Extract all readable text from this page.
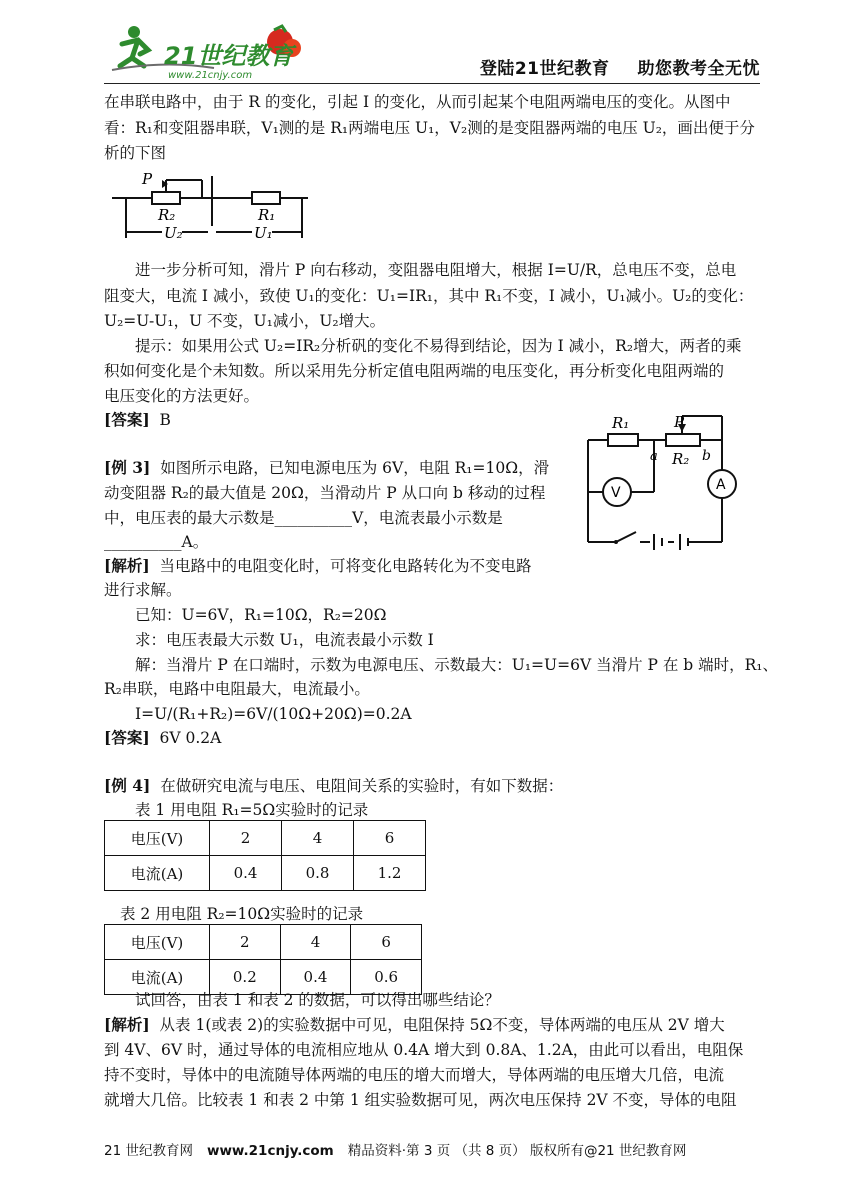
21世纪教育
www.21cnjy.com	登陆21世纪教育 助您教考全无忧

在串联电路中，由于 R 的变化，引起 I 的变化，从而引起某个电阻两端电压的变化。从图中

看：R₁和变阻器串联，V₁测的是 R₁两端电压 U₁，V₂测的是变阻器两端的电压 U₂，画出便于分

析的下图

P
R₂	R₁
U₂	U₁

进一步分析可知，滑片 P 向右移动，变阻器电阻增大，根据 I=U/R，总电压不变，总电

阻变大，电流 I 减小，致使 U₁的变化：U₁=IR₁，其中 R₁不变，I 减小，U₁减小。U₂的变化：

U₂=U-U₁，U 不变，U₁减小，U₂增大。

提示：如果用公式 U₂=IR₂分析矾的变化不易得到结论，因为 I 减小，R₂增大，两者的乘

积如何变化是个未知数。所以采用先分析定值电阻两端的电压变化，再分析变化电阻两端的

电压变化的方法更好。

[答案] B

[例 3] 如图所示电路，已知电源电压为 6V，电阻 R₁=10Ω，滑

动变阻器 R₂的最大值是 20Ω，当滑动片 P 从口向 b 移动的过程

中，电压表的最大示数是__________V，电流表最小示数是

__________A。

R₁	P
a R₂ b
V	A

[解析] 当电路中的电阻变化时，可将变化电路转化为不变电路

进行求解。

已知：U=6V，R₁=10Ω，R₂=20Ω

求：电压表最大示数 U₁，电流表最小示数 I

解：当滑片 P 在口端时，示数为电源电压、示数最大：U₁=U=6V 当滑片 P 在 b 端时，R₁、

R₂串联，电路中电阻最大，电流最小。

I=U/(R₁+R₂)=6V/(10Ω+20Ω)=0.2A

[答案] 6V 0.2A

[例 4] 在做研究电流与电压、电阻间关系的实验时，有如下数据：

表 1 用电阻 R₁=5Ω实验时的记录

电压(V)	2	4	6
电流(A)	0.4	0.8	1.2

表 2 用电阻 R₂=10Ω实验时的记录

电压(V)	2	4	6
电流(A)	0.2	0.4	0.6

试回答，由表 1 和表 2 的数据，可以得出哪些结论？

[解析] 从表 1(或表 2)的实验数据中可见，电阻保持 5Ω不变，导体两端的电压从 2V 增大

到 4V、6V 时，通过导体的电流相应地从 0.4A 增大到 0.8A、1.2A，由此可以看出，电阻保

持不变时，导体中的电流随导体两端的电压的增大而增大，导体两端的电压增大几倍，电流

就增大几倍。比较表 1 和表 2 中第 1 组实验数据可见，两次电压保持 2V 不变，导体的电阻

21 世纪教育网 www.21cnjy.com 精品资料·第 3 页 （共 8 页） 版权所有@21 世纪教育网
